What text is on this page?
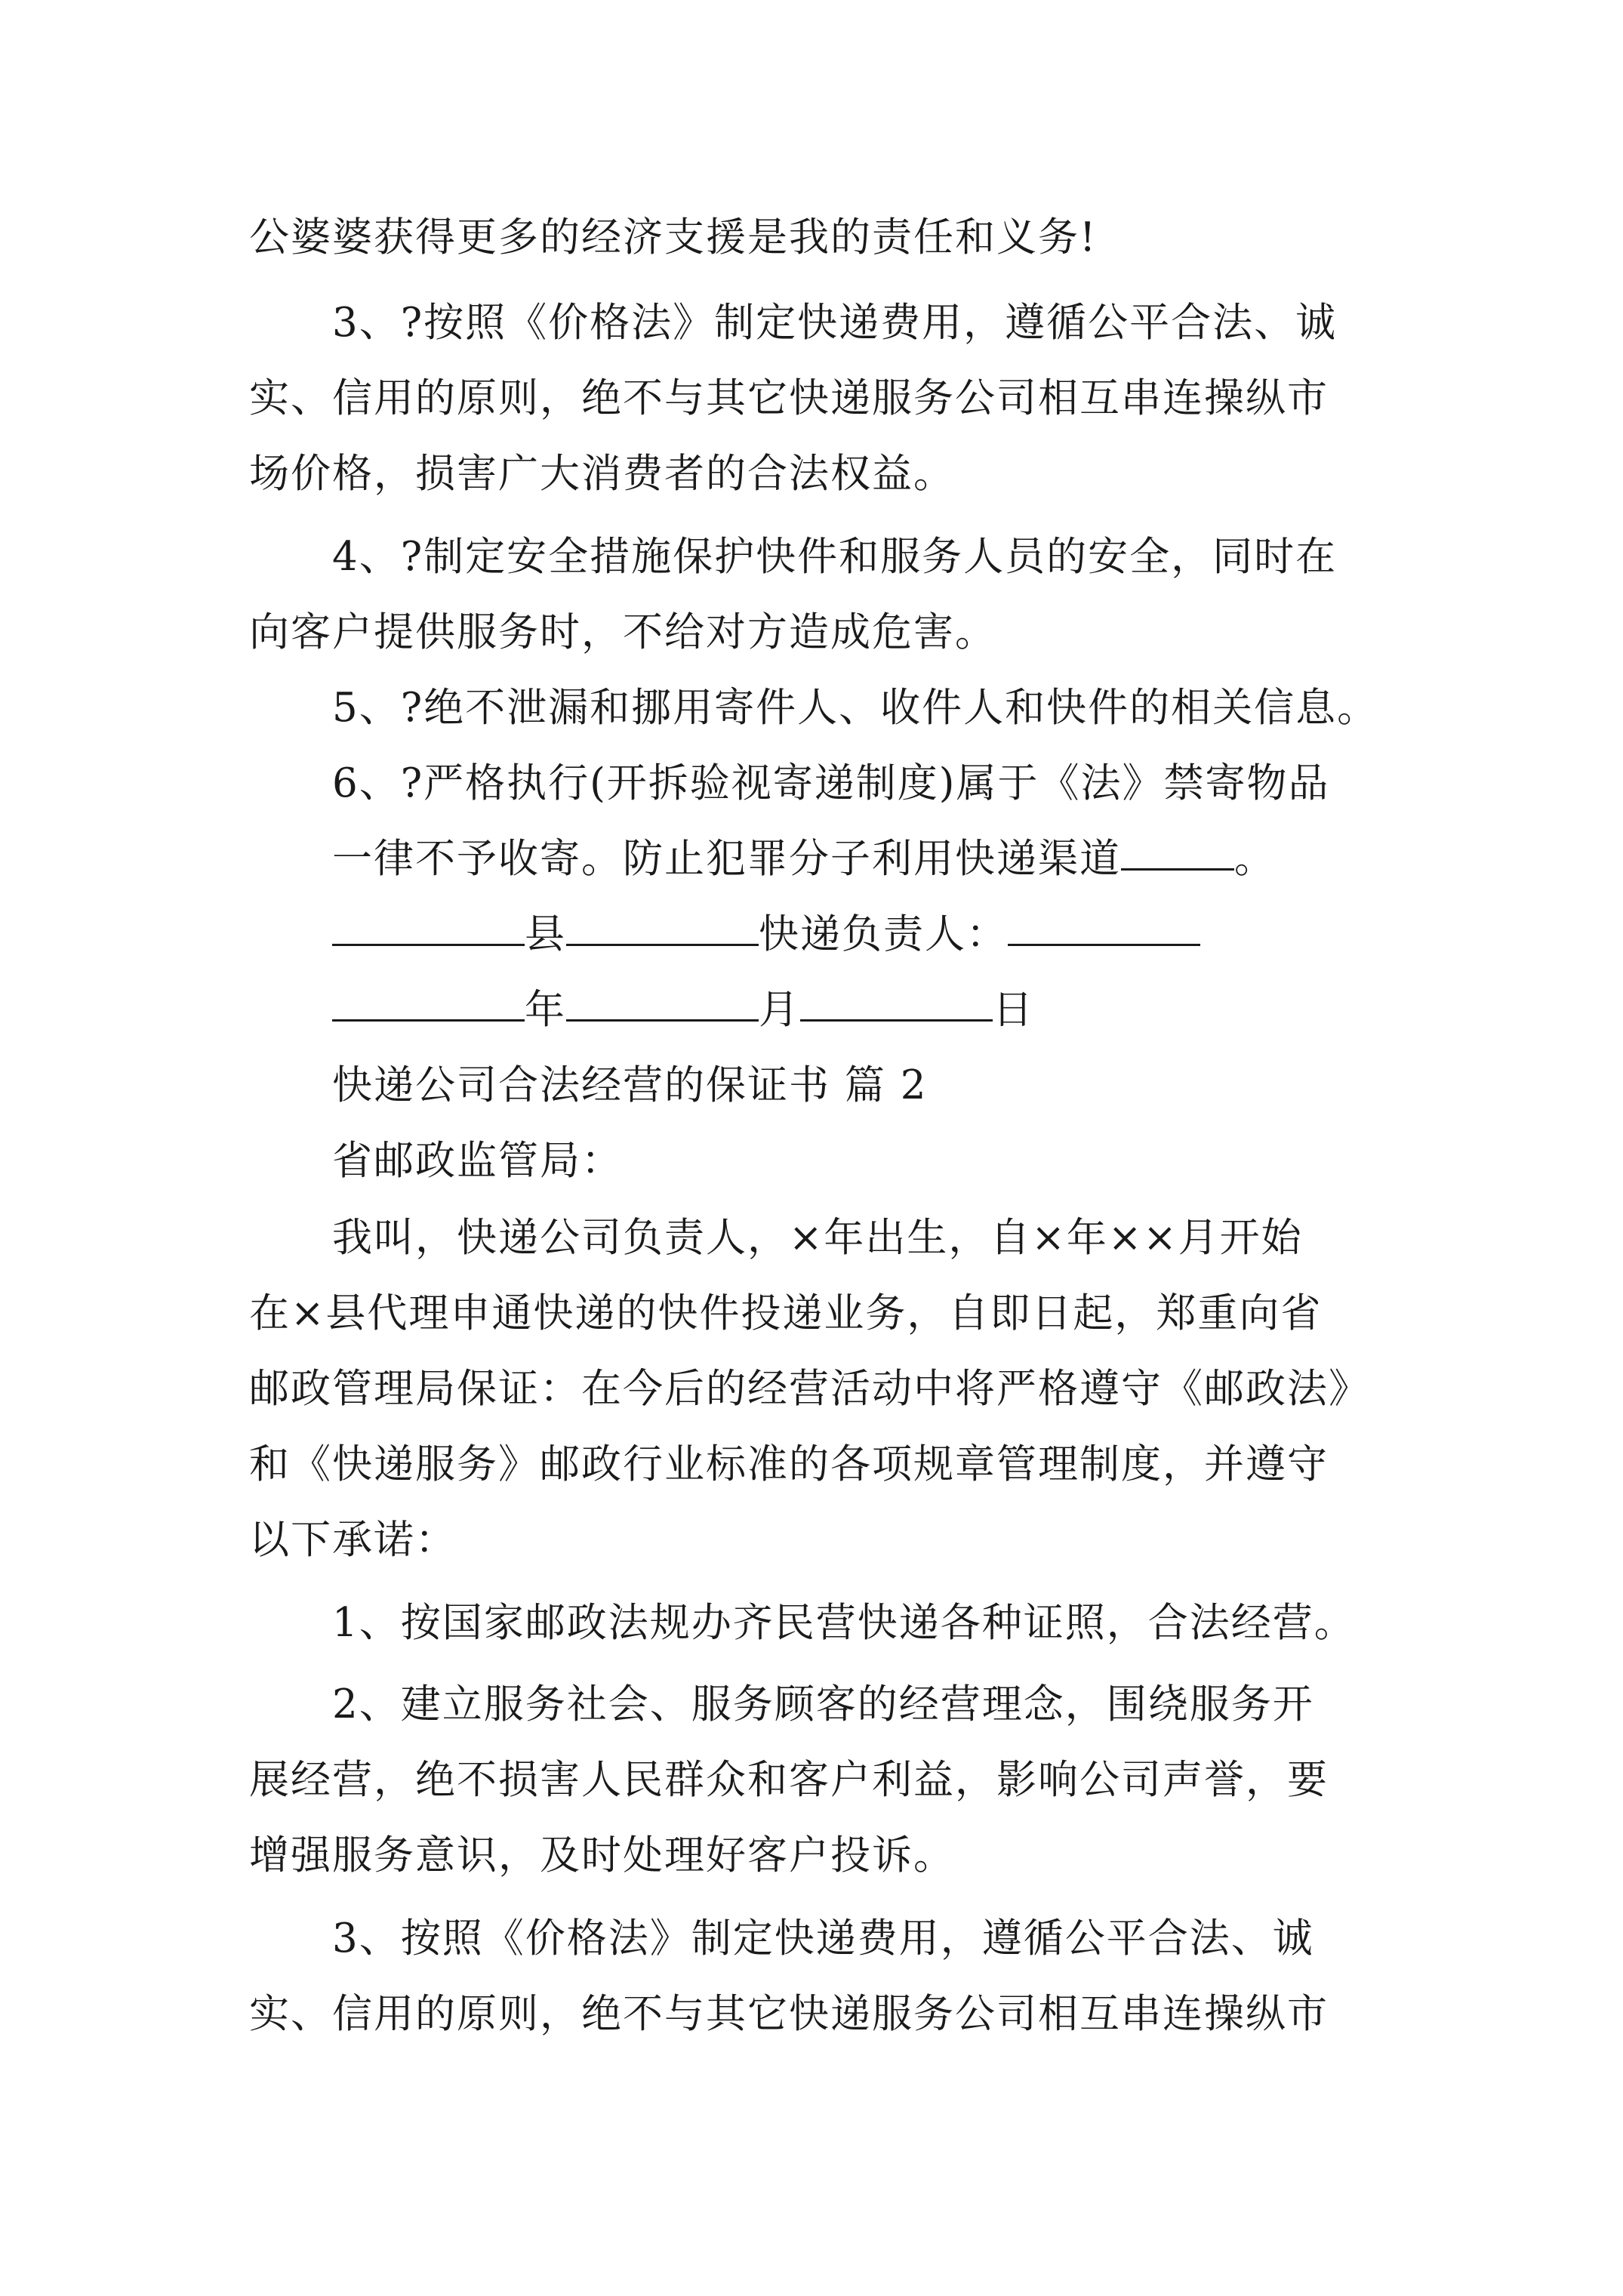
公婆婆获得更多的经济支援是我的责任和义务!
3、?按照《价格法》制定快递费用，遵循公平合法、诚
实、信用的原则，绝不与其它快递服务公司相互串连操纵市
场价格，损害广大消费者的合法权益。
4、?制定安全措施保护快件和服务人员的安全，同时在
向客户提供服务时，不给对方造成危害。
5、?绝不泄漏和挪用寄件人、收件人和快件的相关信息。
6、?严格执行(开拆验视寄递制度)属于《法》禁寄物品
一律不予收寄。防止犯罪分子利用快递渠道	。
县	快递负责人：
年	月	日
快递公司合法经营的保证书 篇 2
省邮政监管局：
我叫，快递公司负责人，×年出生，自×年××月开始
在×县代理申通快递的快件投递业务，自即日起，郑重向省
邮政管理局保证：在今后的经营活动中将严格遵守《邮政法》
和《快递服务》邮政行业标准的各项规章管理制度，并遵守
以下承诺：
1、按国家邮政法规办齐民营快递各种证照，合法经营。
2、建立服务社会、服务顾客的经营理念，围绕服务开
展经营，绝不损害人民群众和客户利益，影响公司声誉，要
增强服务意识，及时处理好客户投诉。
3、按照《价格法》制定快递费用，遵循公平合法、诚
实、信用的原则，绝不与其它快递服务公司相互串连操纵市
